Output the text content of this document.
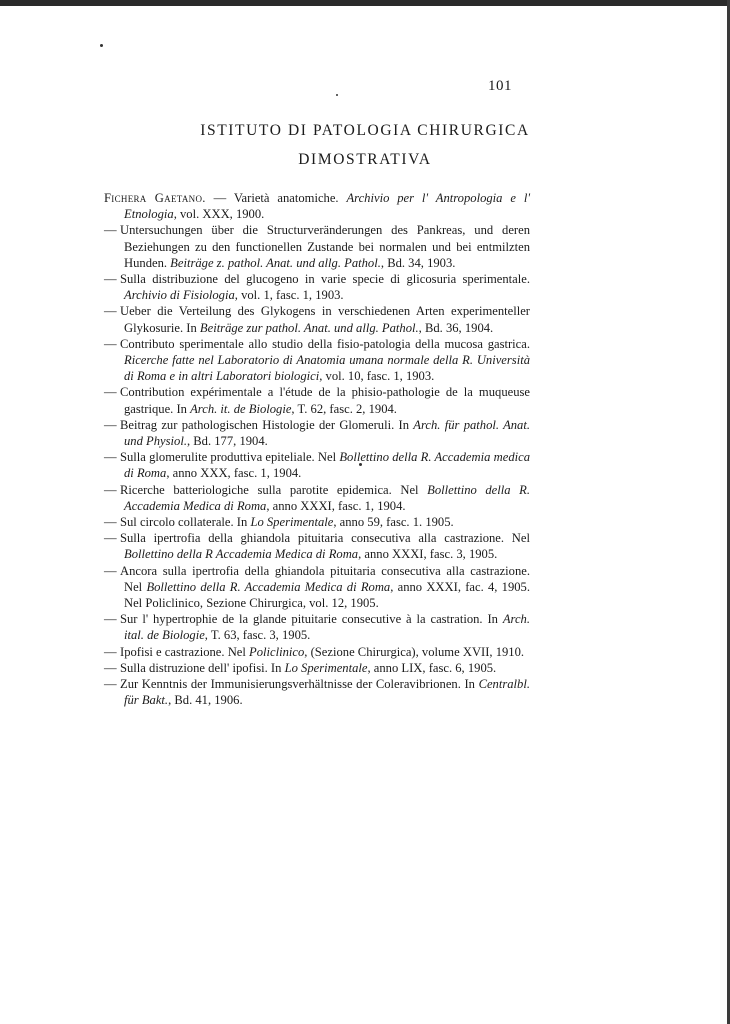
101
ISTITUTO DI PATOLOGIA CHIRURGICA
DIMOSTRATIVA

Fichera Gaetano. — Varietà anatomiche. Archivio per l' Antropologia e l' Etnologia, vol. XXX, 1900.

— Untersuchungen über die Structurveränderungen des Pankreas, und deren Beziehungen zu den functionellen Zustande bei normalen und bei entmilzten Hunden. Beiträge z. pathol. Anat. und allg. Pathol., Bd. 34, 1903.

— Sulla distribuzione del glucogeno in varie specie di glicosuria sperimentale. Archivio di Fisiologia, vol. 1, fasc. 1, 1903.

— Ueber die Verteilung des Glykogens in verschiedenen Arten experimenteller Glykosurie. In Beiträge zur pathol. Anat. und allg. Pathol., Bd. 36, 1904.

— Contributo sperimentale allo studio della fisio-patologia della mucosa gastrica. Ricerche fatte nel Laboratorio di Anatomia umana normale della R. Università di Roma e in altri Laboratori biologici, vol. 10, fasc. 1, 1903.

— Contribution expérimentale a l'étude de la phisio-pathologie de la muqueuse gastrique. In Arch. it. de Biologie, T. 62, fasc. 2, 1904.

— Beitrag zur pathologischen Histologie der Glomeruli. In Arch. für pathol. Anat. und Physiol., Bd. 177, 1904.

— Sulla glomerulite produttiva epiteliale. Nel Bollettino della R. Accademia medica di Roma, anno XXX, fasc. 1, 1904.

— Ricerche batteriologiche sulla parotite epidemica. Nel Bollettino della R. Accademia Medica di Roma, anno XXXI, fasc. 1, 1904.

— Sul circolo collaterale. In Lo Sperimentale, anno 59, fasc. 1. 1905.

— Sulla ipertrofia della ghiandola pituitaria consecutiva alla castrazione. Nel Bollettino della R Accademia Medica di Roma, anno XXXI, fasc. 3, 1905.

— Ancora sulla ipertrofia della ghiandola pituitaria consecutiva alla castrazione. Nel Bollettino della R. Accademia Medica di Roma, anno XXXI, fac. 4, 1905. Nel Policlinico, Sezione Chirurgica, vol. 12, 1905.

— Sur l' hypertrophie de la glande pituitarie consecutive à la castration. In Arch. ital. de Biologie, T. 63, fasc. 3, 1905.

— Ipofisi e castrazione. Nel Policlinico, (Sezione Chirurgica), volume XVII, 1910.

— Sulla distruzione dell' ipofisi. In Lo Sperimentale, anno LIX, fasc. 6, 1905.

— Zur Kenntnis der Immunisierungsverhältnisse der Coleravibrionen. In Centralbl. für Bakt., Bd. 41, 1906.
